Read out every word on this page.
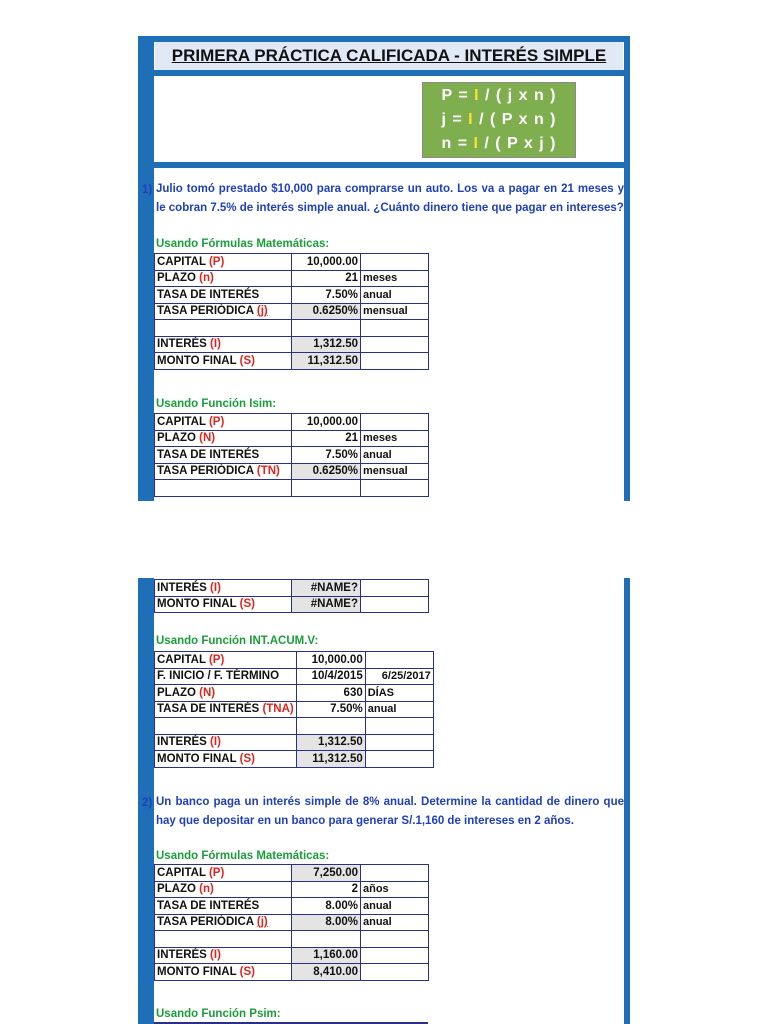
PRIMERA PRÁCTICA CALIFICADA - INTERÉS SIMPLE
P = I / ( j x n )
j = I / ( P x n )
n = I / ( P x j )
1) Julio tomó prestado $10,000 para comprarse un auto. Los va a pagar en 21 meses y le cobran 7.5% de interés simple anual. ¿Cuánto dinero tiene que pagar en intereses?
Usando Fórmulas Matemáticas:
CAPITAL (P)	10,000.00	
PLAZO (n)	21	meses
TASA DE INTERÉS	7.50%	anual
TASA PERIÓDICA (j)	0.6250%	mensual

INTERÉS (I)	1,312.50	
MONTO FINAL (S)	11,312.50	
Usando Función Isim:
CAPITAL (P)	10,000.00	
PLAZO (N)	21	meses
TASA DE INTERÉS	7.50%	anual
TASA PERIÓDICA (TN)	0.6250%	mensual

INTERÉS (I)	#NAME?	
MONTO FINAL (S)	#NAME?	
Usando Función INT.ACUM.V:
CAPITAL (P)	10,000.00	
F. INICIO / F. TÉRMINO	10/4/2015	6/25/2017
PLAZO (N)	630	DÍAS
TASA DE INTERÉS (TNA)	7.50%	anual

INTERÉS (I)	1,312.50	
MONTO FINAL (S)	11,312.50	
2) Un banco paga un interés simple de 8% anual. Determine la cantidad de dinero que hay que depositar en un banco para generar S/.1,160 de intereses en 2 años.
Usando Fórmulas Matemáticas:
CAPITAL (P)	7,250.00	
PLAZO (n)	2	años
TASA DE INTERÉS	8.00%	anual
TASA PERIÓDICA (j)	8.00%	anual

INTERÉS (I)	1,160.00	
MONTO FINAL (S)	8,410.00	
Usando Función Psim:
